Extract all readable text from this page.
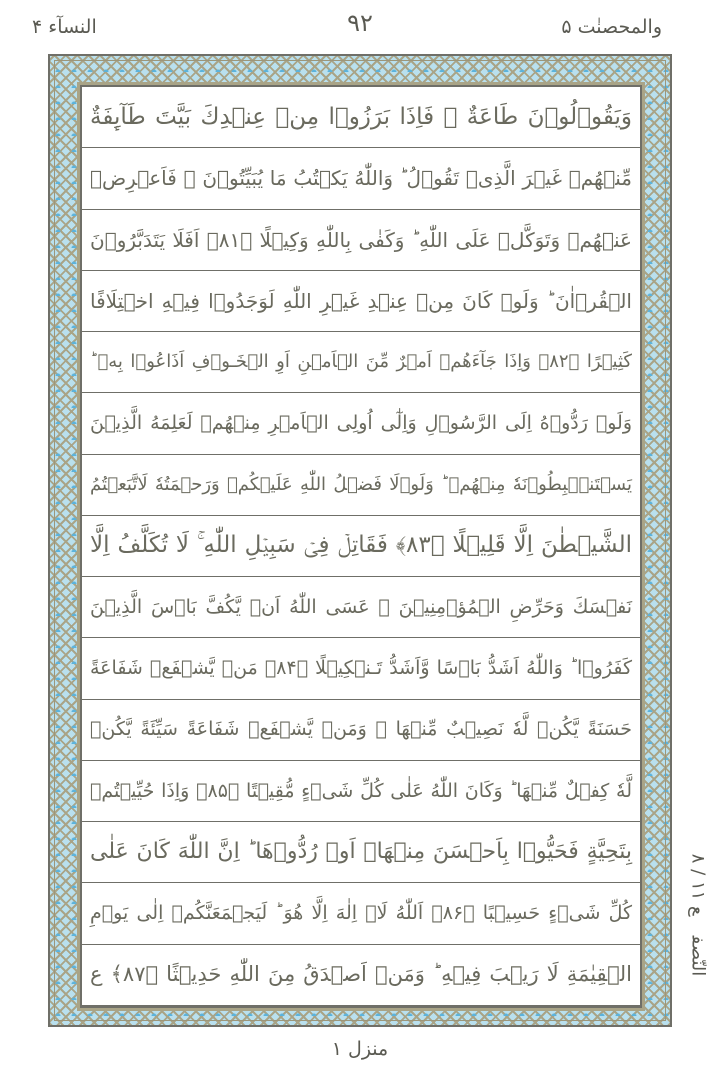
والمحصنٰت ۵
۹۲
النسآء ۴
وَيَقُوۡلُوۡنَ طَاعَةٌ ۡ فَاِذَا بَرَزُوۡا مِنۡ عِنۡدِكَ بَيَّتَ طَآٮِٕفَةٌ
مِّنۡهُمۡ غَيۡرَ الَّذِىۡ تَقُوۡلُ ؕ وَاللّٰهُ يَكۡتُبُ مَا يُبَيِّتُوۡنَ ۚ فَاَعۡرِضۡ
عَنۡهُمۡ وَتَوَكَّلۡ عَلَى اللّٰهِ ؕ وَكَفٰى بِاللّٰهِ وَكِيۡلًا ﴿۸۱﴾ اَفَلَا يَتَدَبَّرُوۡنَ
الۡقُرۡاٰنَ ؕ وَلَوۡ كَانَ مِنۡ عِنۡدِ غَيۡرِ اللّٰهِ لَوَجَدُوۡا فِيۡهِ اخۡتِلَافًا
كَثِيۡرًا ﴿۸۲﴾ وَاِذَا جَآءَهُمۡ اَمۡرٌ مِّنَ الۡاَمۡنِ اَوِ الۡخَـوۡفِ اَذَاعُوۡا بِهٖ ؕ
وَلَوۡ رَدُّوۡهُ اِلَى الرَّسُوۡلِ وَاِلٰٓى اُولِى الۡاَمۡرِ مِنۡهُمۡ لَعَلِمَهُ الَّذِيۡنَ
يَسۡتَنۡۢبِطُوۡنَهٗ مِنۡهُمۡ ؕ وَلَوۡلَا فَضۡلُ اللّٰهِ عَلَيۡكُمۡ وَرَحۡمَتُهٗ لَاتَّبَعۡتُمُ
الشَّيۡطٰنَ اِلَّا قَلِيۡلًا ﴿۸۳﴾ فَقَاتِلۡ فِىۡ سَبِيۡلِ اللّٰهِ ۚ لَا تُكَلَّفُ اِلَّا
نَفۡسَكَ وَحَرِّضِ الۡمُؤۡمِنِيۡنَ ۚ عَسَى اللّٰهُ اَنۡ يَّكُفَّ بَاۡسَ الَّذِيۡنَ
كَفَرُوۡا ؕ وَاللّٰهُ اَشَدُّ بَاۡسًا وَّاَشَدُّ تَـنۡكِيۡلًا ﴿۸۴﴾ مَنۡ يَّشۡفَعۡ شَفَاعَةً
حَسَنَةً يَّكُنۡ لَّهٗ نَصِيۡبٌ مِّنۡهَا ۚ وَمَنۡ يَّشۡفَعۡ شَفَاعَةً سَيِّئَةً يَّكُنۡ
لَّهٗ كِفۡلٌ مِّنۡهَا ؕ وَكَانَ اللّٰهُ عَلٰى كُلِّ شَىۡءٍ مُّقِيۡتًا ﴿۸۵﴾ وَاِذَا حُيِّيۡتُمۡ
بِتَحِيَّةٍ فَحَيُّوۡا بِاَحۡسَنَ مِنۡهَاۤ اَوۡ رُدُّوۡهَا ؕ اِنَّ اللّٰهَ كَانَ عَلٰى
كُلِّ شَىۡءٍ حَسِيۡبًا ﴿۸۶﴾ اَللّٰهُ لَاۤ اِلٰهَ اِلَّا هُوَ ؕ لَيَجۡمَعَنَّكُمۡ اِلٰى يَوۡمِ
الۡقِيٰمَةِ لَا رَيۡبَ فِيۡهِ ؕ وَمَنۡ اَصۡدَقُ مِنَ اللّٰهِ حَدِيۡثًا ﴿۸۷﴾ ع	النّصفع ۱۱ / ۸
منزل ۱
